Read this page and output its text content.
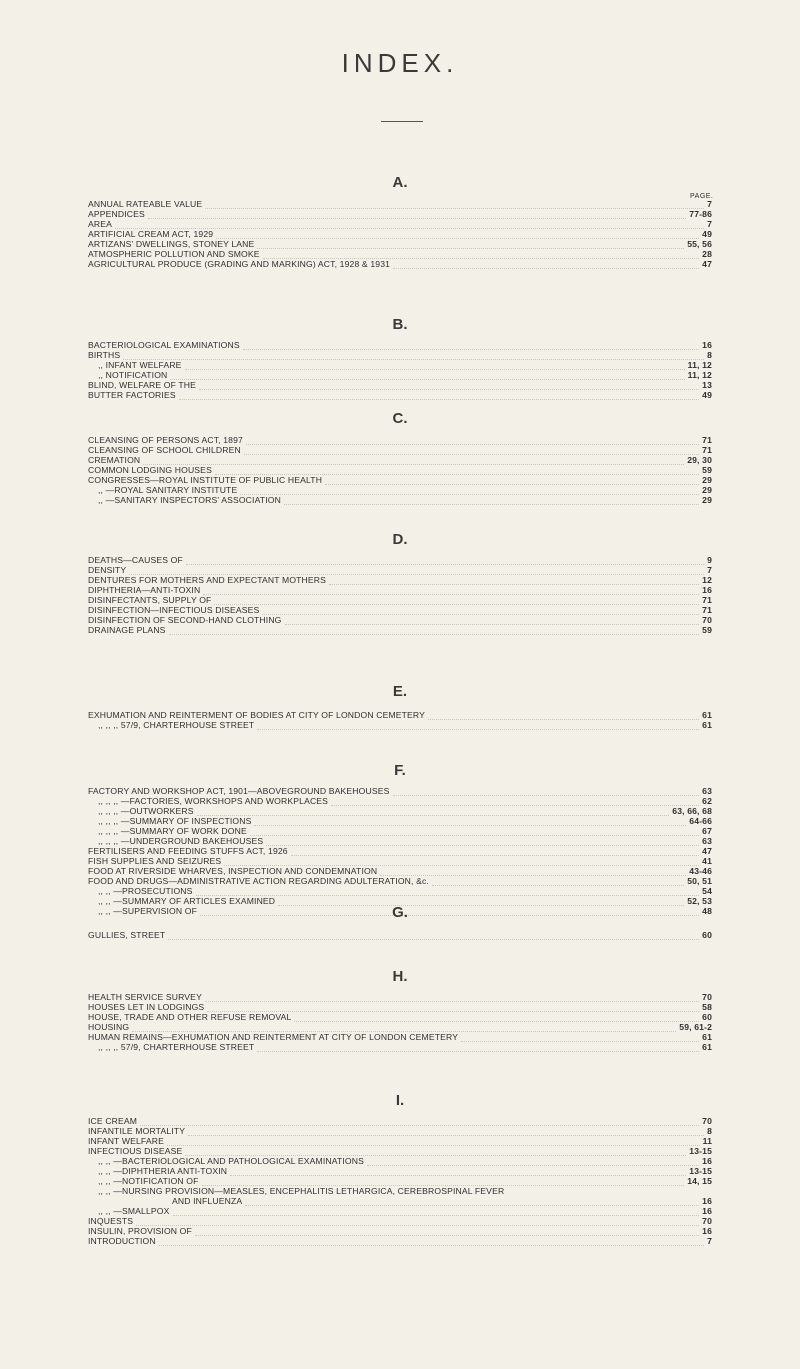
INDEX.
PAGE.
A.
ANNUAL RATEABLE VALUE	7
APPENDICES	77-86
AREA	7
ARTIFICIAL CREAM ACT, 1929	49
ARTIZANS' DWELLINGS, STONEY LANE	55, 56
ATMOSPHERIC POLLUTION AND SMOKE	28
AGRICULTURAL PRODUCE (GRADING AND MARKING) ACT, 1928 & 1931	47
B.
BACTERIOLOGICAL EXAMINATIONS	16
BIRTHS	8
,, INFANT WELFARE	11, 12
,, NOTIFICATION	11, 12
BLIND, WELFARE OF THE	13
BUTTER FACTORIES	49
C.
CLEANSING OF PERSONS ACT, 1897	71
CLEANSING OF SCHOOL CHILDREN	71
CREMATION	29, 30
COMMON LODGING HOUSES	59
CONGRESSES—ROYAL INSTITUTE OF PUBLIC HEALTH	29
,, —ROYAL SANITARY INSTITUTE	29
,, —SANITARY INSPECTORS' ASSOCIATION	29
D.
DEATHS—CAUSES OF	9
DENSITY	7
DENTURES FOR MOTHERS AND EXPECTANT MOTHERS	12
DIPHTHERIA—ANTI-TOXIN	16
DISINFECTANTS, SUPPLY OF	71
DISINFECTION—INFECTIOUS DISEASES	71
DISINFECTION OF SECOND-HAND CLOTHING	70
DRAINAGE PLANS	59
E.
EXHUMATION AND REINTERMENT OF BODIES AT CITY OF LONDON CEMETERY	61
,, ,, ,, 57/9, CHARTERHOUSE STREET	61
F.
FACTORY AND WORKSHOP ACT, 1901—ABOVEGROUND BAKEHOUSES	63
,, ,, ,, —FACTORIES, WORKSHOPS AND WORKPLACES	62
,, ,, ,, —OUTWORKERS	63, 66, 68
,, ,, ,, —SUMMARY OF INSPECTIONS	64-66
,, ,, ,, —SUMMARY OF WORK DONE	67
,, ,, ,, —UNDERGROUND BAKEHOUSES	63
FERTILISERS AND FEEDING STUFFS ACT, 1926	47
FISH SUPPLIES AND SEIZURES	41
FOOD AT RIVERSIDE WHARVES, INSPECTION AND CONDEMNATION	43-46
FOOD AND DRUGS—ADMINISTRATIVE ACTION REGARDING ADULTERATION, &c.	50, 51
,, ,, —PROSECUTIONS	54
,, ,, —SUMMARY OF ARTICLES EXAMINED	52, 53
,, ,, —SUPERVISION OF	48
G.
GULLIES, STREET	60
H.
HEALTH SERVICE SURVEY	70
HOUSES LET IN LODGINGS	58
HOUSE, TRADE AND OTHER REFUSE REMOVAL	60
HOUSING	59, 61-2
HUMAN REMAINS—EXHUMATION AND REINTERMENT AT CITY OF LONDON CEMETERY	61
,, ,, ,, 57/9, CHARTERHOUSE STREET	61
I.
ICE CREAM	70
INFANTILE MORTALITY	8
INFANT WELFARE	11
INFECTIOUS DISEASE	13-15
,, ,, —BACTERIOLOGICAL AND PATHOLOGICAL EXAMINATIONS	16
,, ,, —DIPHTHERIA ANTI-TOXIN	13-15
,, ,, —NOTIFICATION OF	14, 15
,, ,, —NURSING PROVISION—MEASLES, ENCEPHALITIS LETHARGICA, CEREBROSPINAL FEVER
AND INFLUENZA	16
,, ,, —SMALLPOX	16
INQUESTS	70
INSULIN, PROVISION OF	16
INTRODUCTION	7
